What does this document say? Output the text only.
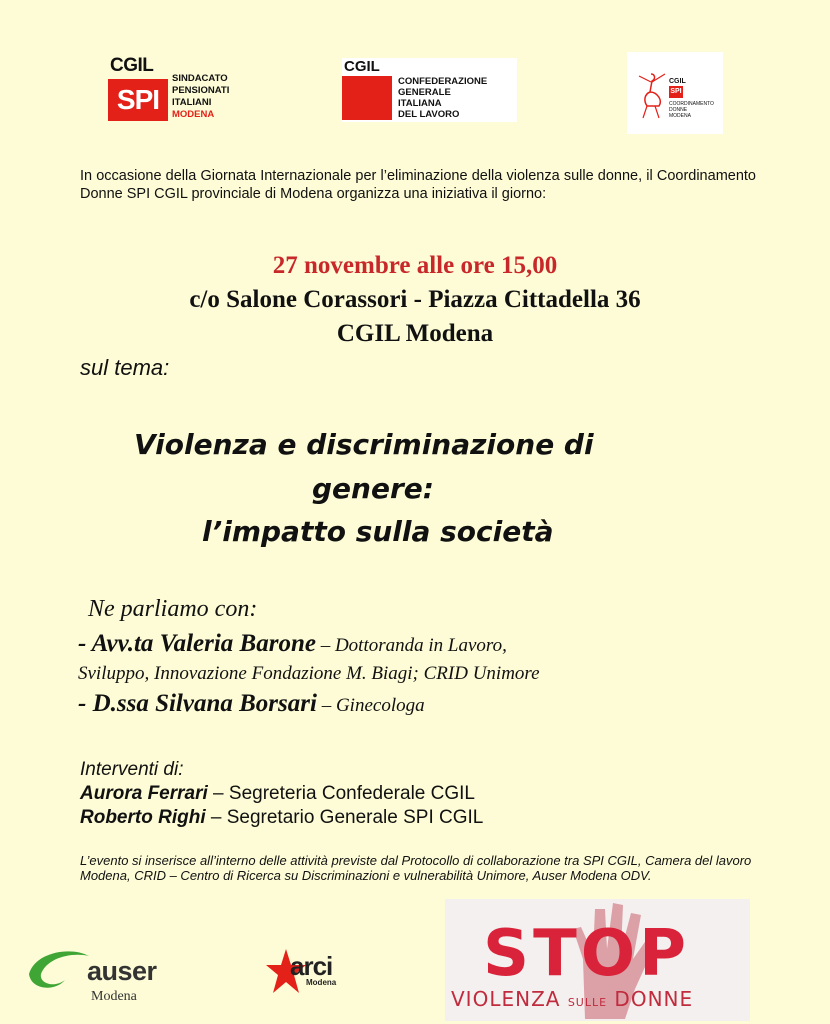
CGIL
SPI
SINDACATO
PENSIONATI
ITALIANI
MODENA
CGIL
CONFEDERAZIONE
GENERALE
ITALIANA
DEL LAVORO
CGIL
SPI
COORDINAMENTO DONNE MODENA
In occasione della Giornata Internazionale per l’eliminazione della violenza sulle donne, il Coordinamento Donne SPI CGIL provinciale di Modena organizza una iniziativa il giorno:
27 novembre alle ore 15,00
c/o Salone Corassori - Piazza Cittadella 36
CGIL Modena
sul tema:
Violenza e discriminazione di
genere:
l’impatto sulla società
Ne parliamo con:
- Avv.ta Valeria Barone – Dottoranda in Lavoro,
Sviluppo, Innovazione Fondazione M. Biagi; CRID Unimore
- D.ssa Silvana Borsari – Ginecologa
Interventi di:
Aurora Ferrari – Segreteria Confederale CGIL
Roberto Righi – Segretario Generale SPI CGIL
L’evento si inserisce all’interno delle attività previste dal Protocollo di collaborazione tra SPI CGIL, Camera del lavoro Modena, CRID – Centro di Ricerca su Discriminazioni e vulnerabilità Unimore, Auser Modena ODV.
auser
Modena
arci
Modena STOP
VIOLENZA SULLE DONNE
